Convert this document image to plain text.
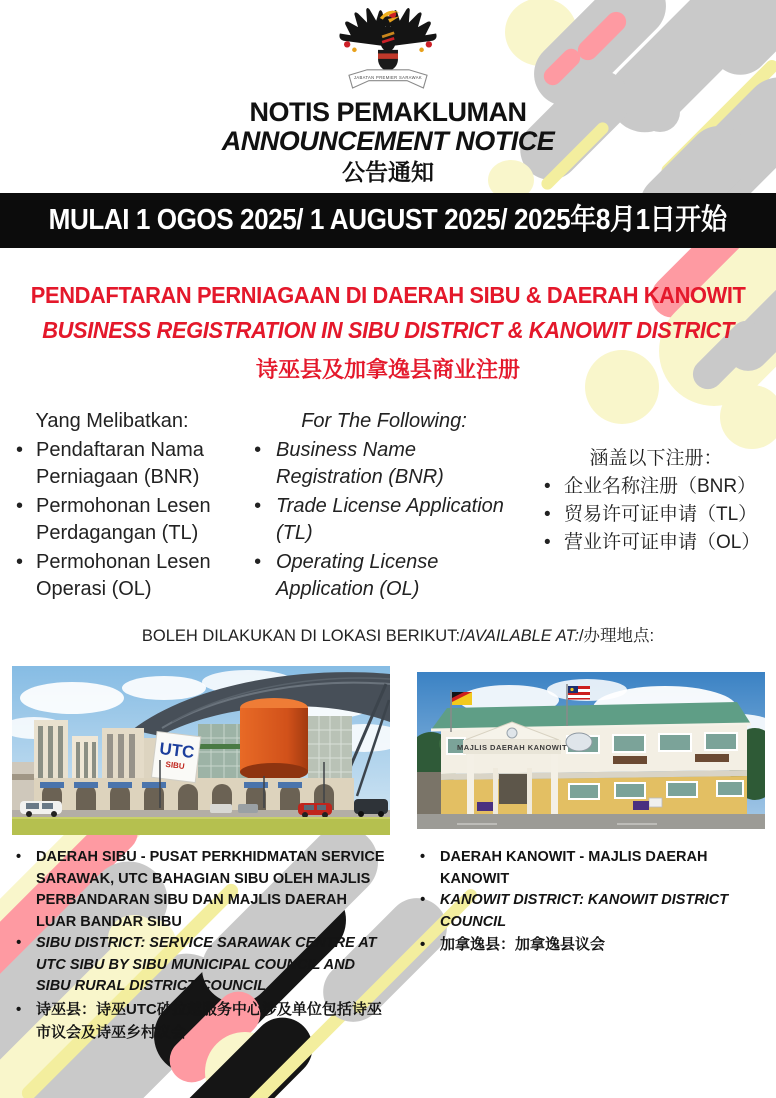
JABATAN PREMIER SARAWAK
NOTIS PEMAKLUMAN
ANNOUNCEMENT NOTICE
公告通知
MULAI 1 OGOS 2025/ 1 AUGUST 2025/ 2025年8月1日开始
PENDAFTARAN PERNIAGAAN DI DAERAH SIBU & DAERAH KANOWIT
BUSINESS REGISTRATION IN SIBU DISTRICT & KANOWIT DISTRICT
诗巫县及加拿逸县商业注册
Yang Melibatkan:
• Pendaftaran Nama Perniagaan (BNR)
• Permohonan Lesen Perdagangan (TL)
• Permohonan Lesen Operasi (OL)
For The Following:
• Business Name Registration (BNR)
• Trade License Application (TL)
• Operating License Application (OL)
涵盖以下注册：
• 企业名称注册（BNR）
• 贸易许可证申请（TL）
• 营业许可证申请（OL）
BOLEH DILAKUKAN DI LOKASI BERIKUT:/AVAILABLE AT:/办理地点:
UTC
SIBU
MAJLIS DAERAH KANOWIT
• DAERAH SIBU - PUSAT PERKHIDMATAN SERVICE SARAWAK, UTC BAHAGIAN SIBU OLEH MAJLIS PERBANDARAN SIBU DAN MAJLIS DAERAH LUAR BANDAR SIBU
• SIBU DISTRICT: SERVICE SARAWAK CENTRE AT UTC SIBU BY SIBU MUNICIPAL COUNCIL AND SIBU RURAL DISTRICT COUNCIL
• 诗巫县：诗巫UTC砂拉越服务中心涉及单位包括诗巫市议会及诗巫乡村议会
• DAERAH KANOWIT - MAJLIS DAERAH KANOWIT
• KANOWIT DISTRICT: KANOWIT DISTRICT COUNCIL
• 加拿逸县：加拿逸县议会
